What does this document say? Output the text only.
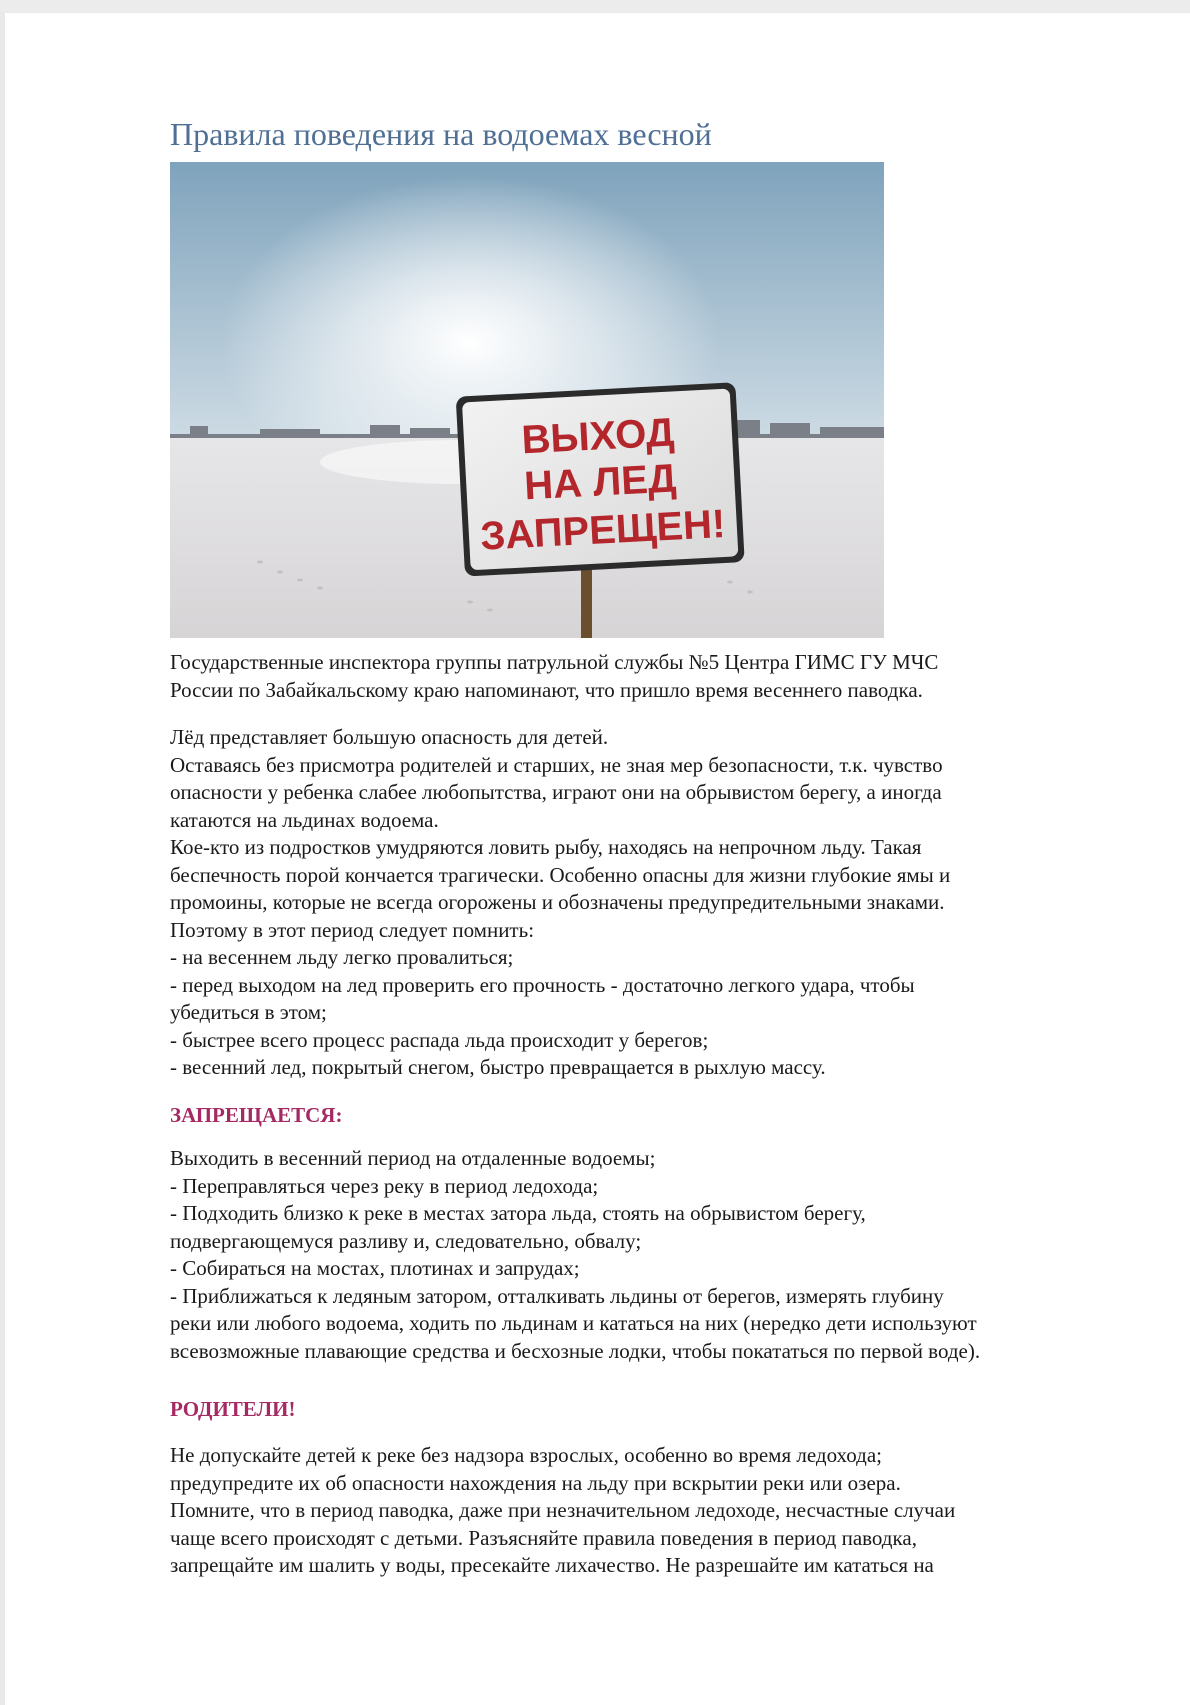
Правила поведения на водоемах весной
ВЫХОД
НА ЛЕД
ЗАПРЕЩЕН!

Государственные инспектора группы патрульной службы №5 Центра ГИМС ГУ МЧС
России по Забайкальскому краю напоминают, что пришло время весеннего паводка.

Лёд представляет большую опасность для детей.
Оставаясь без присмотра родителей и старших, не зная мер безопасности, т.к. чувство
опасности у ребенка слабее любопытства, играют они на обрывистом берегу, а иногда
катаются на льдинах водоема.
Кое-кто из подростков умудряются ловить рыбу, находясь на непрочном льду. Такая
беспечность порой кончается трагически. Особенно опасны для жизни глубокие ямы и
промоины, которые не всегда огорожены и обозначены предупредительными знаками.
Поэтому в этот период следует помнить:
- на весеннем льду легко провалиться;
- перед выходом на лед проверить его прочность - достаточно легкого удара, чтобы
убедиться в этом;
- быстрее всего процесс распада льда происходит у берегов;
- весенний лед, покрытый снегом, быстро превращается в рыхлую массу.

ЗАПРЕЩАЕТСЯ:

Выходить в весенний период на отдаленные водоемы;
- Переправляться через реку в период ледохода;
- Подходить близко к реке в местах затора льда, стоять на обрывистом берегу,
подвергающемуся разливу и, следовательно, обвалу;
- Собираться на мостах, плотинах и запрудах;
- Приближаться к ледяным затором, отталкивать льдины от берегов, измерять глубину
реки или любого водоема, ходить по льдинам и кататься на них (нередко дети используют
всевозможные плавающие средства и бесхозные лодки, чтобы покататься по первой воде).

РОДИТЕЛИ!

Не допускайте детей к реке без надзора взрослых, особенно во время ледохода;
предупредите их об опасности нахождения на льду при вскрытии реки или озера.
Помните, что в период паводка, даже при незначительном ледоходе, несчастные случаи
чаще всего происходят с детьми. Разъясняйте правила поведения в период паводка,
запрещайте им шалить у воды, пресекайте лихачество. Не разрешайте им кататься на
